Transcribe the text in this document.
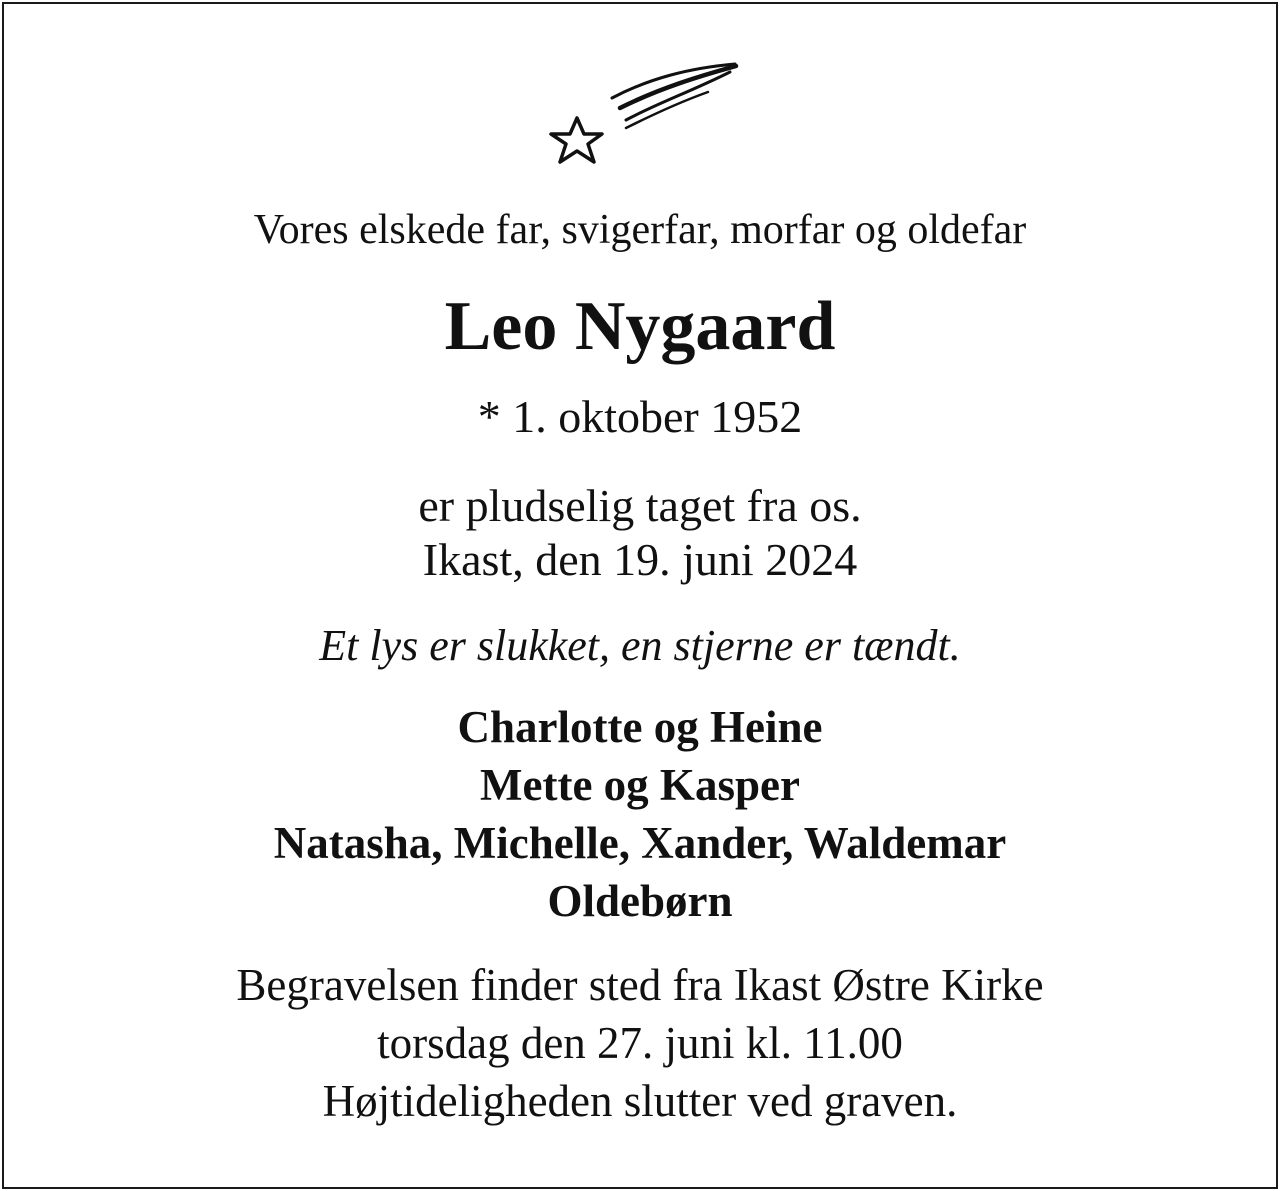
Vores elskede far, svigerfar, morfar og oldefar
Leo Nygaard
* 1. oktober 1952
er pludselig taget fra os.
Ikast, den 19. juni 2024
Et lys er slukket, en stjerne er tændt.
Charlotte og Heine
Mette og Kasper
Natasha, Michelle, Xander, Waldemar
Oldebørn
Begravelsen finder sted fra Ikast Østre Kirke
torsdag den 27. juni kl. 11.00
Højtideligheden slutter ved graven.
